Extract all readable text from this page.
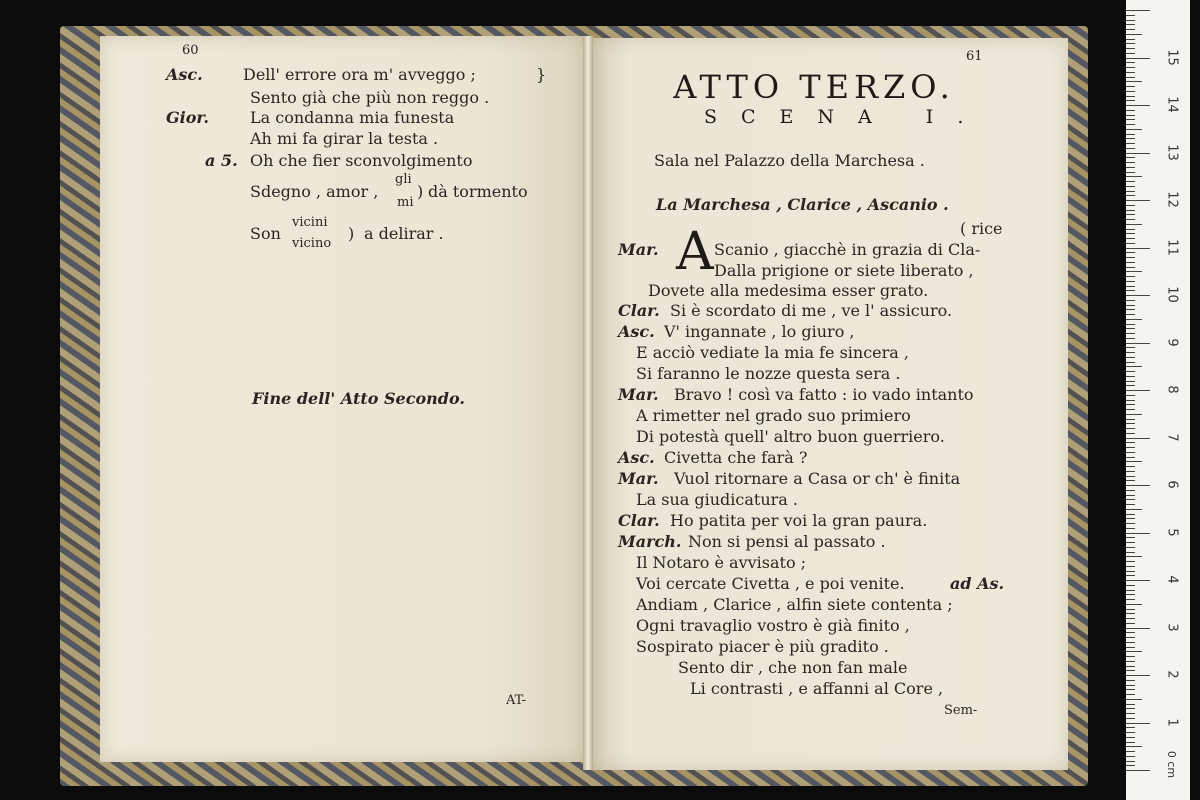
60
Asc.	Dell' errore ora m' avveggo ;	}
Sento già che più non reggo .
Gior.	La condanna mia funesta
Ah mi fa girar la testa .
a 5. Oh che fier sconvolgimento
Sdegno , amor ,
gli
mi
) dà tormento
Son
vicini
vicino
) a delirar .
Fine dell' Atto Secondo.
AT-
61
ATTO TERZO.
SCENA I.
Sala nel Palazzo della Marchesa .
La Marchesa , Clarice , Ascanio .
( rice
Mar. A Scanio , giacchè in grazia di Cla-
Dalla prigione or siete liberato ,
Dovete alla medesima esser grato.
Clar. Si è scordato di me , ve l' assicuro.
Asc. V' ingannate , lo giuro ,
E acciò vediate la mia fe sincera ,
Si faranno le nozze questa sera .
Mar. Bravo ! così va fatto : io vado intanto
A rimetter nel grado suo primiero
Di potestà quell' altro buon guerriero.
Asc. Civetta che farà ?
Mar. Vuol ritornare a Casa or ch' è finita
La sua giudicatura .
Clar. Ho patita per voi la gran paura.
March. Non si pensi al passato .
Il Notaro è avvisato ;
Voi cercate Civetta , e poi venite.	ad As.
Andiam , Clarice , alfin siete contenta ;
Ogni travaglio vostro è già finito ,
Sospirato piacer è più gradito .
Sento dir , che non fan male
Li contrasti , e affanni al Core ,
Sem-
0 cm
1
2
3
4
5
6
7
8
9
10
11
12
13
14
15
